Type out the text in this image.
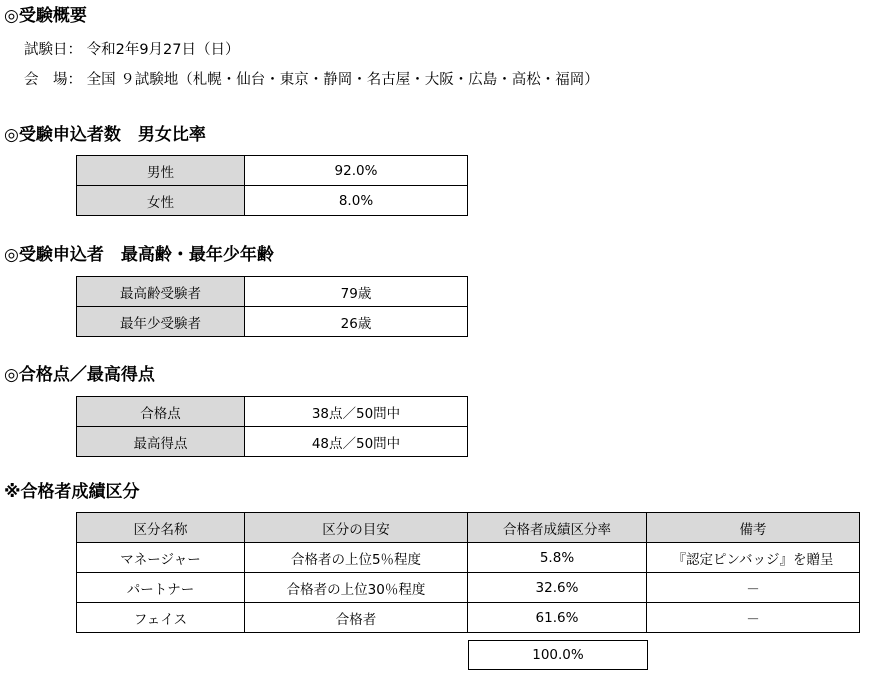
◎受験概要
試験日： 令和2年9月27日（日）
会　場： 全国 ９試験地（札幌・仙台・東京・静岡・名古屋・大阪・広島・高松・福岡）
◎受験申込者数　男女比率
男性	92.0%
女性	8.0%
◎受験申込者　最高齢・最年少年齢
最高齢受験者	79歳
最年少受験者	26歳
◎合格点／最高得点
合格点	38点／50問中
最高得点	48点／50問中
※合格者成績区分
区分名称	区分の目安	合格者成績区分率	備考
マネージャー	合格者の上位5％程度	5.8%	『認定ピンバッジ』を贈呈
パートナー	合格者の上位30％程度	32.6%	－
フェイス	合格者	61.6%	－
100.0%
